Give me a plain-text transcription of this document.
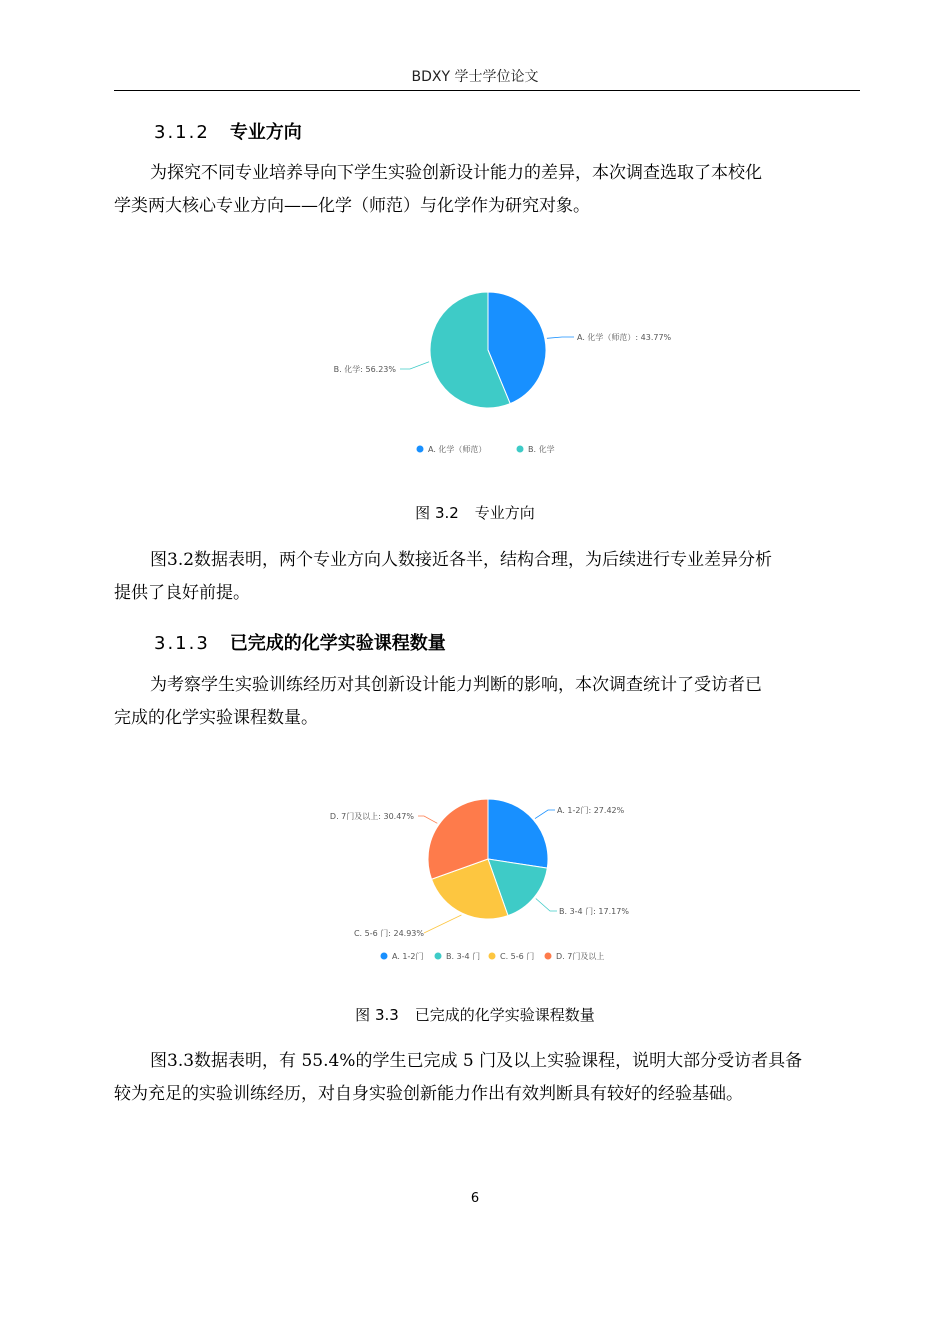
BDXY 学士学位论文
3.1.2 专业方向
为探究不同专业培养导向下学生实验创新设计能力的差异，本次调查选取了本校化
学类两大核心专业方向——化学（师范）与化学作为研究对象。
A. 化学（师范）: 43.77%
B. 化学: 56.23%
A. 化学（师范）	B. 化学
图 3.2 专业方向
图3.2数据表明，两个专业方向人数接近各半，结构合理，为后续进行专业差异分析
提供了良好前提。
3.1.3 已完成的化学实验课程数量
为考察学生实验训练经历对其创新设计能力判断的影响，本次调查统计了受访者已
完成的化学实验课程数量。
A. 1-2门: 27.42%
B. 3-4 门: 17.17%
C. 5-6 门: 24.93%
D. 7门及以上: 30.47%
A. 1-2门	B. 3-4 门 C. 5-6 门	D. 7门及以上
图 3.3 已完成的化学实验课程数量
图3.3数据表明，有 55.4%的学生已完成 5 门及以上实验课程，说明大部分受访者具备
较为充足的实验训练经历，对自身实验创新能力作出有效判断具有较好的经验基础。
6
